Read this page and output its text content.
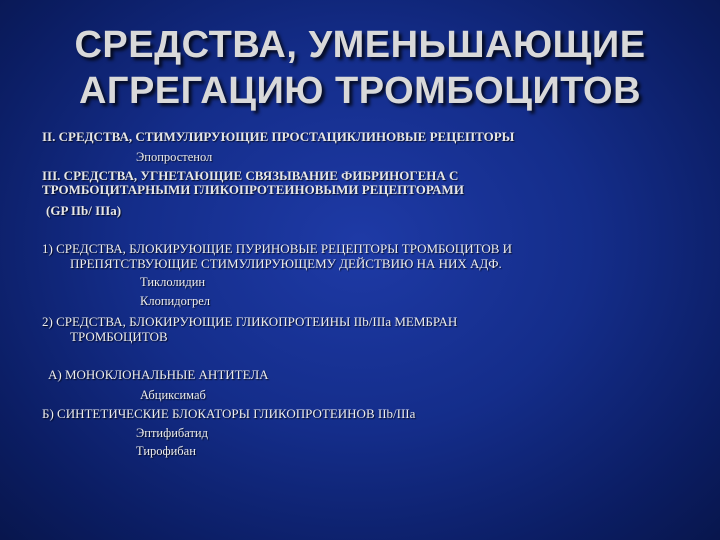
СРЕДСТВА, УМЕНЬШАЮЩИЕ
АГРЕГАЦИЮ ТРОМБОЦИТОВ
II. СРЕДСТВА, СТИМУЛИРУЮЩИЕ ПРОСТАЦИКЛИНОВЫЕ РЕЦЕПТОРЫ
Эпопростенол
III. СРЕДСТВА, УГНЕТАЮЩИЕ СВЯЗЫВАНИЕ ФИБРИНОГЕНА С
ТРОМБОЦИТАРНЫМИ ГЛИКОПРОТЕИНОВЫМИ РЕЦЕПТОРАМИ
(GP IIb/ IIIa)
1) СРЕДСТВА, БЛОКИРУЮЩИЕ ПУРИНОВЫЕ РЕЦЕПТОРЫ ТРОМБОЦИТОВ И
ПРЕПЯТСТВУЮЩИЕ СТИМУЛИРУЮЩЕМУ ДЕЙСТВИЮ НА НИХ АДФ.
Тиклолидин
Клопидогрел
2) СРЕДСТВА, БЛОКИРУЮЩИЕ ГЛИКОПРОТЕИНЫ IIb/IIIa МЕМБРАН
ТРОМБОЦИТОВ
А) МОНОКЛОНАЛЬНЫЕ АНТИТЕЛА
Абциксимаб
Б) СИНТЕТИЧЕСКИЕ БЛОКАТОРЫ ГЛИКОПРОТЕИНОВ IIb/IIIa
Эптифибатид
Тирофибан
